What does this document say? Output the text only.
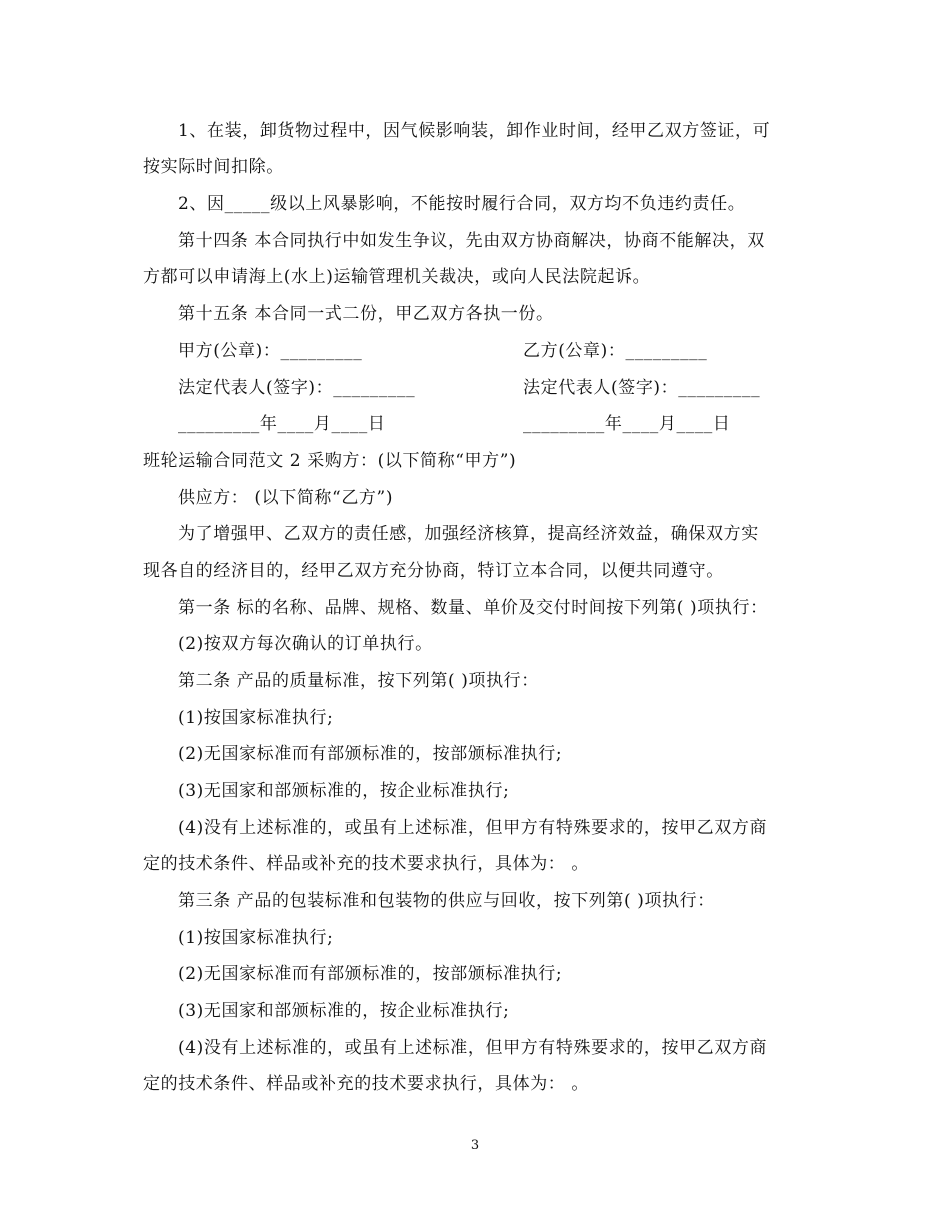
1、在装，卸货物过程中，因气候影响装，卸作业时间，经甲乙双方签证，可
按实际时间扣除。
2、因_____级以上风暴影响，不能按时履行合同，双方均不负违约责任。
第十四条 本合同执行中如发生争议，先由双方协商解决，协商不能解决，双
方都可以申请海上(水上)运输管理机关裁决，或向人民法院起诉。
第十五条 本合同一式二份，甲乙双方各执一份。
甲方(公章)：_________	乙方(公章)：_________
法定代表人(签字)：_________	法定代表人(签字)：_________
_________年____月____日	_________年____月____日
班轮运输合同范文 2 采购方：(以下简称“甲方”)
供应方： (以下简称“乙方”)
为了增强甲、乙双方的责任感，加强经济核算，提高经济效益，确保双方实
现各自的经济目的，经甲乙双方充分协商，特订立本合同，以便共同遵守。
第一条 标的名称、品牌、规格、数量、单价及交付时间按下列第( )项执行：
(2)按双方每次确认的订单执行。
第二条 产品的质量标准，按下列第( )项执行：
(1)按国家标准执行;
(2)无国家标准而有部颁标准的，按部颁标准执行;
(3)无国家和部颁标准的，按企业标准执行;
(4)没有上述标准的，或虽有上述标准，但甲方有特殊要求的，按甲乙双方商
定的技术条件、样品或补充的技术要求执行，具体为： 。
第三条 产品的包装标准和包装物的供应与回收，按下列第( )项执行：
(1)按国家标准执行;
(2)无国家标准而有部颁标准的，按部颁标准执行;
(3)无国家和部颁标准的，按企业标准执行;
(4)没有上述标准的，或虽有上述标准，但甲方有特殊要求的，按甲乙双方商
定的技术条件、样品或补充的技术要求执行，具体为： 。
3
